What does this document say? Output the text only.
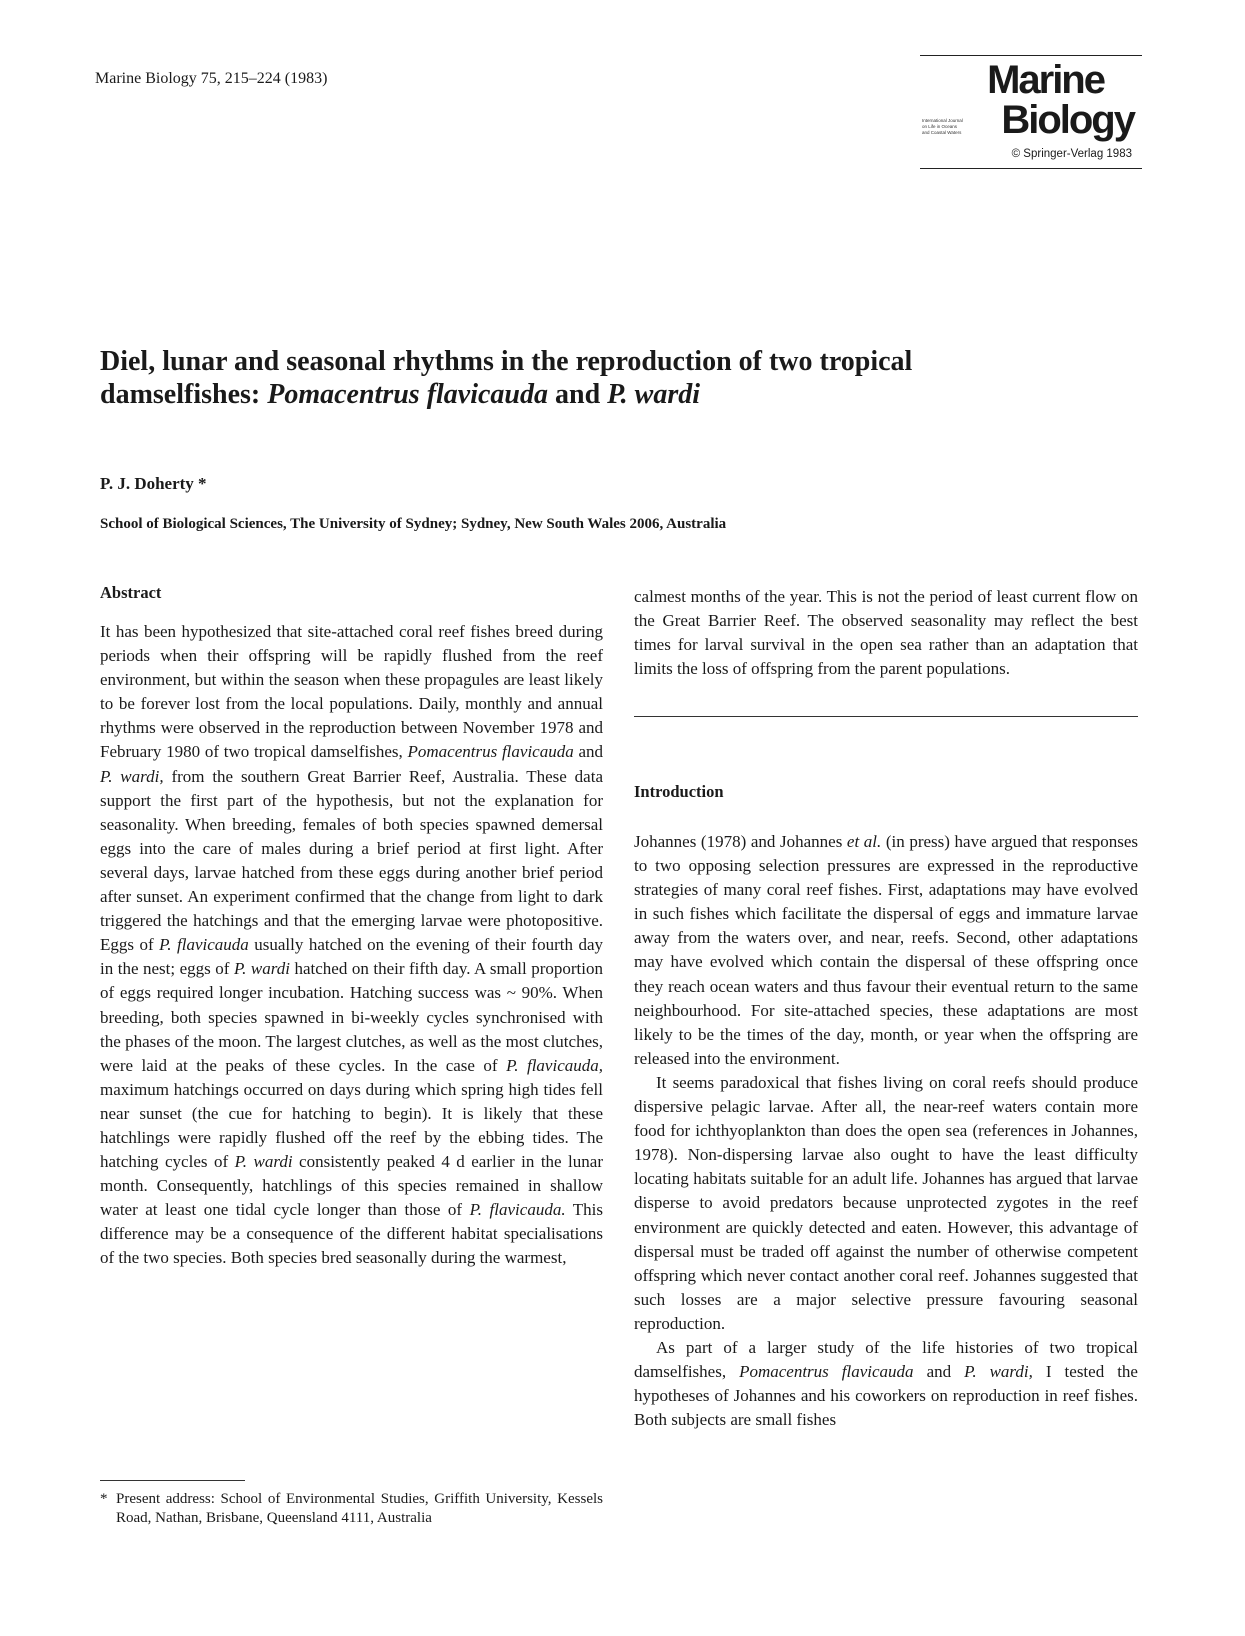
Marine Biology 75, 215–224 (1983)	Marine
International Journal
on Life in Oceans
and Coastal Waters Biology
© Springer-Verlag 1983
Diel, lunar and seasonal rhythms in the reproduction of two tropical damselfishes: Pomacentrus flavicauda and P. wardi
P. J. Doherty *
School of Biological Sciences, The University of Sydney; Sydney, New South Wales 2006, Australia
Abstract

It has been hypothesized that site-attached coral reef fishes breed during periods when their offspring will be rapidly flushed from the reef environment, but within the season when these propagules are least likely to be forever lost from the local populations. Daily, monthly and annual rhythms were observed in the reproduction between November 1978 and February 1980 of two tropical damselfishes, Pomacentrus flavicauda and P. wardi, from the southern Great Barrier Reef, Australia. These data support the first part of the hypothesis, but not the explanation for seasonality. When breeding, females of both species spawned demersal eggs into the care of males during a brief period at first light. After several days, larvae hatched from these eggs during another brief period after sunset. An experiment confirmed that the change from light to dark triggered the hatchings and that the emerging larvae were photopositive. Eggs of P. flavicauda usually hatched on the evening of their fourth day in the nest; eggs of P. wardi hatched on their fifth day. A small proportion of eggs required longer incubation. Hatching success was ~ 90%. When breeding, both species spawned in bi-weekly cycles synchronised with the phases of the moon. The largest clutches, as well as the most clutches, were laid at the peaks of these cycles. In the case of P. flavicauda, maximum hatchings occurred on days during which spring high tides fell near sunset (the cue for hatching to begin). It is likely that these hatchlings were rapidly flushed off the reef by the ebbing tides. The hatching cycles of P. wardi consistently peaked 4 d earlier in the lunar month. Consequently, hatchlings of this species remained in shallow water at least one tidal cycle longer than those of P. flavicauda. This difference may be a consequence of the different habitat specialisations of the two species. Both species bred seasonally during the warmest,

calmest months of the year. This is not the period of least current flow on the Great Barrier Reef. The observed seasonality may reflect the best times for larval survival in the open sea rather than an adaptation that limits the loss of offspring from the parent populations.

Introduction

Johannes (1978) and Johannes et al. (in press) have argued that responses to two opposing selection pressures are expressed in the reproductive strategies of many coral reef fishes. First, adaptations may have evolved in such fishes which facilitate the dispersal of eggs and immature larvae away from the waters over, and near, reefs. Second, other adaptations may have evolved which contain the dispersal of these offspring once they reach ocean waters and thus favour their eventual return to the same neighbourhood. For site-attached species, these adaptations are most likely to be the times of the day, month, or year when the offspring are released into the environment.

It seems paradoxical that fishes living on coral reefs should produce dispersive pelagic larvae. After all, the near-reef waters contain more food for ichthyoplankton than does the open sea (references in Johannes, 1978). Non-dispersing larvae also ought to have the least difficulty locating habitats suitable for an adult life. Johannes has argued that larvae disperse to avoid predators because unprotected zygotes in the reef environment are quickly detected and eaten. However, this advantage of dispersal must be traded off against the number of otherwise competent offspring which never contact another coral reef. Johannes suggested that such losses are a major selective pressure favouring seasonal reproduction.

As part of a larger study of the life histories of two tropical damselfishes, Pomacentrus flavicauda and P. wardi, I tested the hypotheses of Johannes and his coworkers on reproduction in reef fishes. Both subjects are small fishes

* Present address: School of Environmental Studies, Griffith University, Kessels Road, Nathan, Brisbane, Queensland 4111, Australia
